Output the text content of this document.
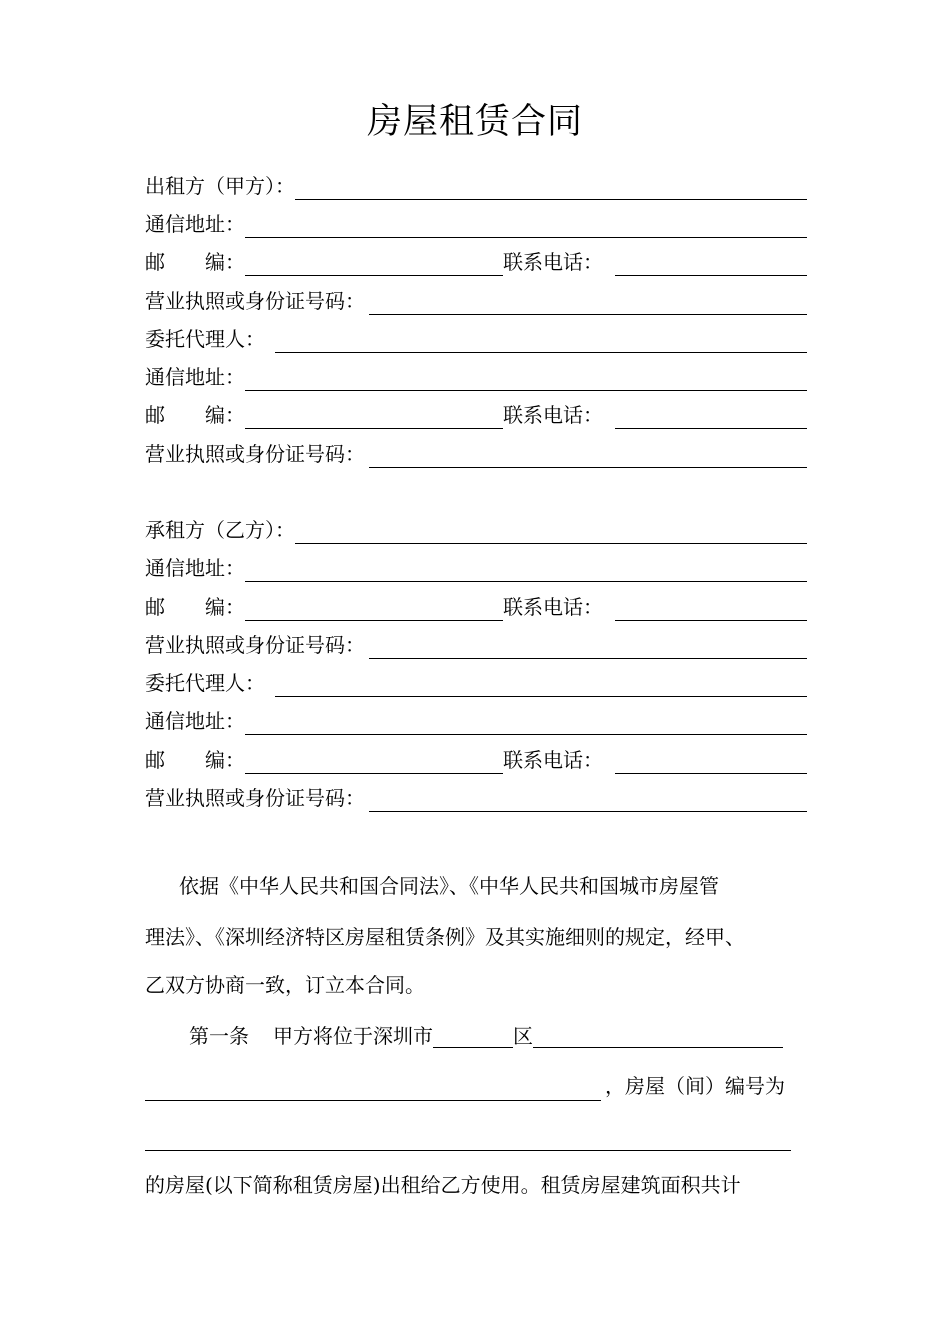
房屋租赁合同
出租方（甲方）：
通信地址：
邮　　编：	联系电话：
营业执照或身份证号码：
委托代理人：
通信地址：
邮　　编：	联系电话：
营业执照或身份证号码：
承租方（乙方）：
通信地址：
邮　　编：	联系电话：
营业执照或身份证号码：
委托代理人：
通信地址：
邮　　编：	联系电话：
营业执照或身份证号码：
依据《中华人民共和国合同法》、《中华人民共和国城市房屋管
理法》、《深圳经济特区房屋租赁条例》及其实施细则的规定，经甲、
乙双方协商一致，订立本合同。
第一条 甲方将位于深圳市	区
，房屋（间）编号为
的房屋(以下简称租赁房屋)出租给乙方使用。租赁房屋建筑面积共计
